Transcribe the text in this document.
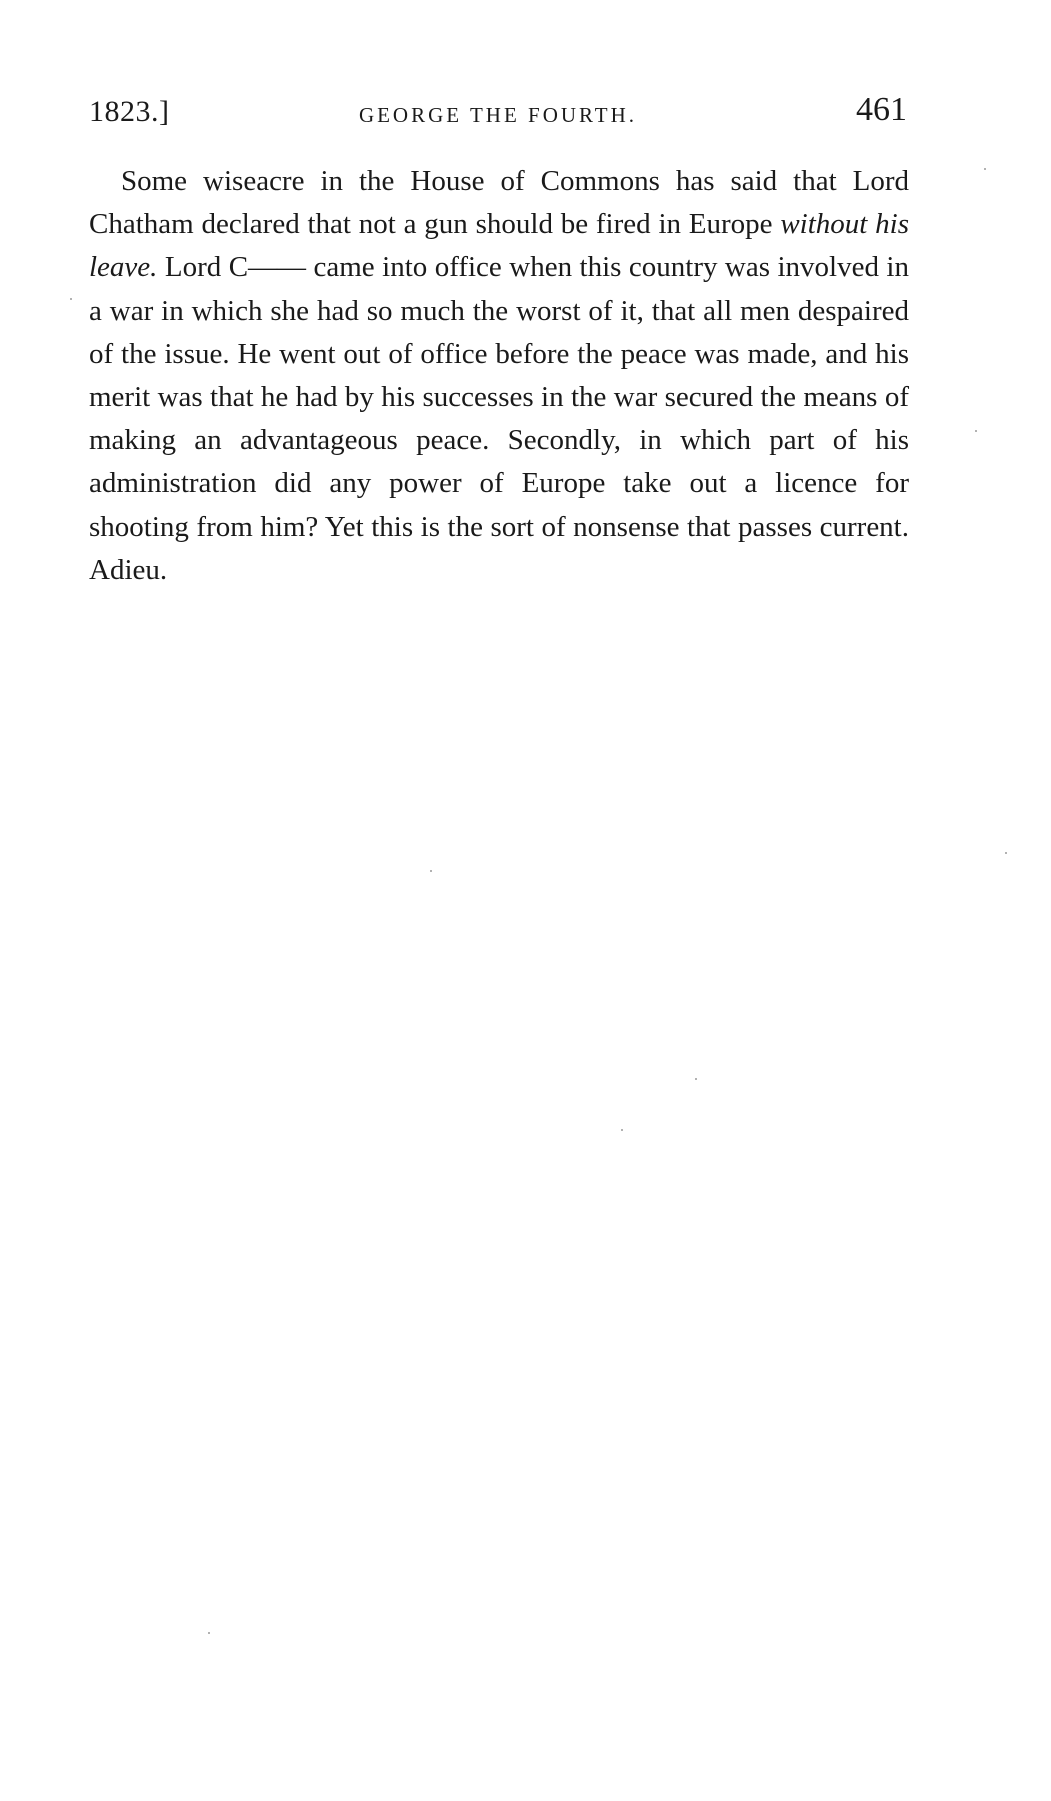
1823.]	GEORGE THE FOURTH.	461

Some wiseacre in the House of Commons has said that Lord Chatham declared that not a gun should be fired in Europe without his leave. Lord C—— came into office when this country was involved in a war in which she had so much the worst of it, that all men despaired of the issue. He went out of office before the peace was made, and his merit was that he had by his successes in the war secured the means of making an advantageous peace. Secondly, in which part of his administration did any power of Europe take out a licence for shooting from him? Yet this is the sort of nonsense that passes current. Adieu.
